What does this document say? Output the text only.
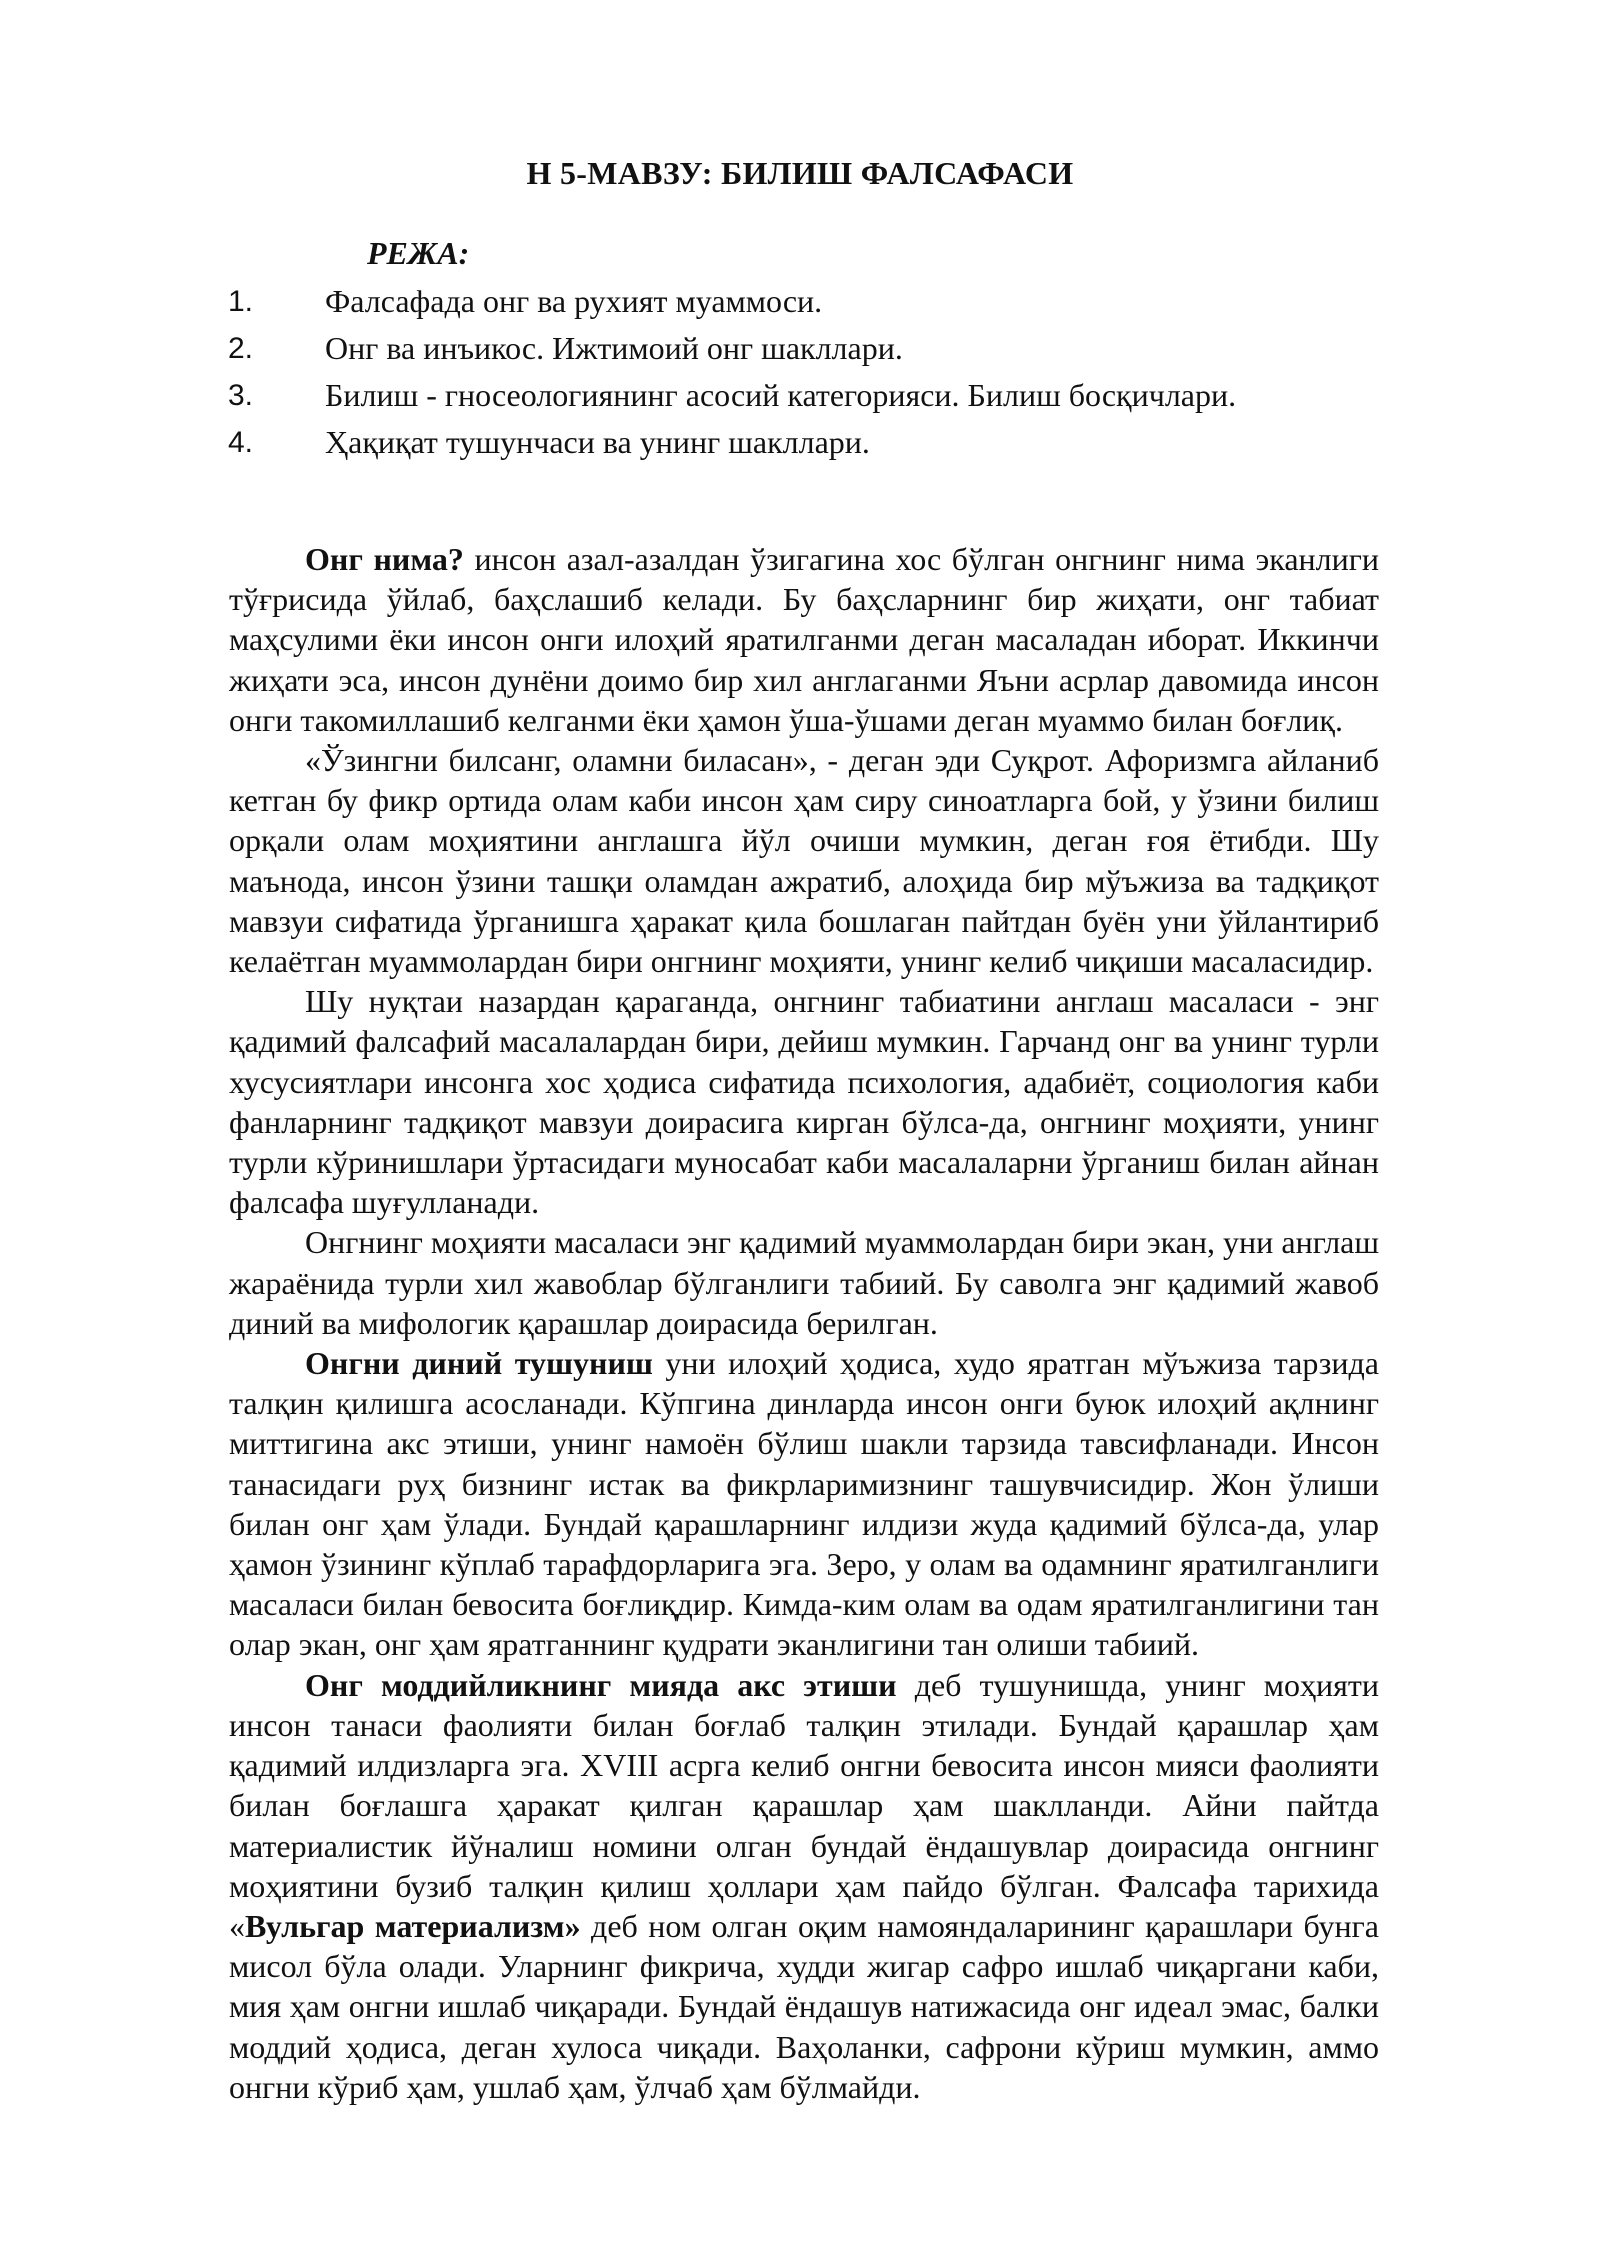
Н 5-МАВЗУ: БИЛИШ ФАЛСАФАСИ
РЕЖА:
1. Фалсафада онг ва рухият муаммоси.
2. Онг ва инъикос. Ижтимоий онг шакллари.
3. Билиш - гносеологиянинг асосий категорияси. Билиш босқичлари.
4. Ҳақиқат тушунчаси ва унинг шакллари.

Онг нима? инсон азал-азалдан ўзигагина хос бўлган онгнинг нима эканлиги тўғрисида ўйлаб, баҳслашиб келади. Бу баҳсларнинг бир жиҳати, онг табиат маҳсулими ёки инсон онги илоҳий яратилганми деган масаладан иборат. Иккинчи жиҳати эса, инсон дунёни доимо бир хил англаганми Яъни асрлар давомида инсон онги такомиллашиб келганми ёки ҳамон ўша-ўшами деган муаммо билан боғлиқ.

«Ўзингни билсанг, оламни биласан», - деган эди Суқрот. Афоризмга айланиб кетган бу фикр ортида олам каби инсон ҳам сиру синоатларга бой, у ўзини билиш орқали олам моҳиятини англашга йўл очиши мумкин, деган ғоя ётибди. Шу маънода, инсон ўзини ташқи оламдан ажратиб, алоҳида бир мўъжиза ва тадқиқот мавзуи сифатида ўрганишга ҳаракат қила бошлаган пайтдан буён уни ўйлантириб келаётган муаммолардан бири онгнинг моҳияти, унинг келиб чиқиши масаласидир.

Шу нуқтаи назардан қараганда, онгнинг табиатини англаш масаласи - энг қадимий фалсафий масалалардан бири, дейиш мумкин. Гарчанд онг ва унинг турли хусусиятлари инсонга хос ҳодиса сифатида психология, адабиёт, социология каби фанларнинг тадқиқот мавзуи доирасига кирган бўлса-да, онгнинг моҳияти, унинг турли кўринишлари ўртасидаги муносабат каби масалаларни ўрганиш билан айнан фалсафа шуғулланади.

Онгнинг моҳияти масаласи энг қадимий муаммолардан бири экан, уни англаш жараёнида турли хил жавоблар бўлганлиги табиий. Бу саволга энг қадимий жавоб диний ва мифологик қарашлар доирасида берилган.

Онгни диний тушуниш уни илоҳий ҳодиса, худо яратган мўъжиза тарзида талқин қилишга асосланади. Кўпгина динларда инсон онги буюк илоҳий ақлнинг миттигина акс этиши, унинг намоён бўлиш шакли тарзида тавсифланади. Инсон танасидаги руҳ бизнинг истак ва фикрларимизнинг ташувчисидир. Жон ўлиши билан онг ҳам ўлади. Бундай қарашларнинг илдизи жуда қадимий бўлса-да, улар ҳамон ўзининг кўплаб тарафдорларига эга. Зеро, у олам ва одамнинг яратилганлиги масаласи билан бевосита боғлиқдир. Кимда-ким олам ва одам яратилганлигини тан олар экан, онг ҳам яратганнинг қудрати эканлигини тан олиши табиий.

Онг моддийликнинг мияда акс этиши деб тушунишда, унинг моҳияти инсон танаси фаолияти билан боғлаб талқин этилади. Бундай қарашлар ҳам қадимий илдизларга эга. XVIII асрга келиб онгни бевосита инсон мияси фаолияти билан боғлашга ҳаракат қилган қарашлар ҳам шаклланди. Айни пайтда материалистик йўналиш номини олган бундай ёндашувлар доирасида онгнинг моҳиятини бузиб талқин қилиш ҳоллари ҳам пайдо бўлган. Фалсафа тарихида «Вульгар материализм» деб ном олган оқим намояндаларининг қарашлари бунга мисол бўла олади. Уларнинг фикрича, худди жигар сафро ишлаб чиқаргани каби, мия ҳам онгни ишлаб чиқаради. Бундай ёндашув натижасида онг идеал эмас, балки моддий ҳодиса, деган хулоса чиқади. Ваҳоланки, сафрони кўриш мумкин, аммо онгни кўриб ҳам, ушлаб ҳам, ўлчаб ҳам бўлмайди.
